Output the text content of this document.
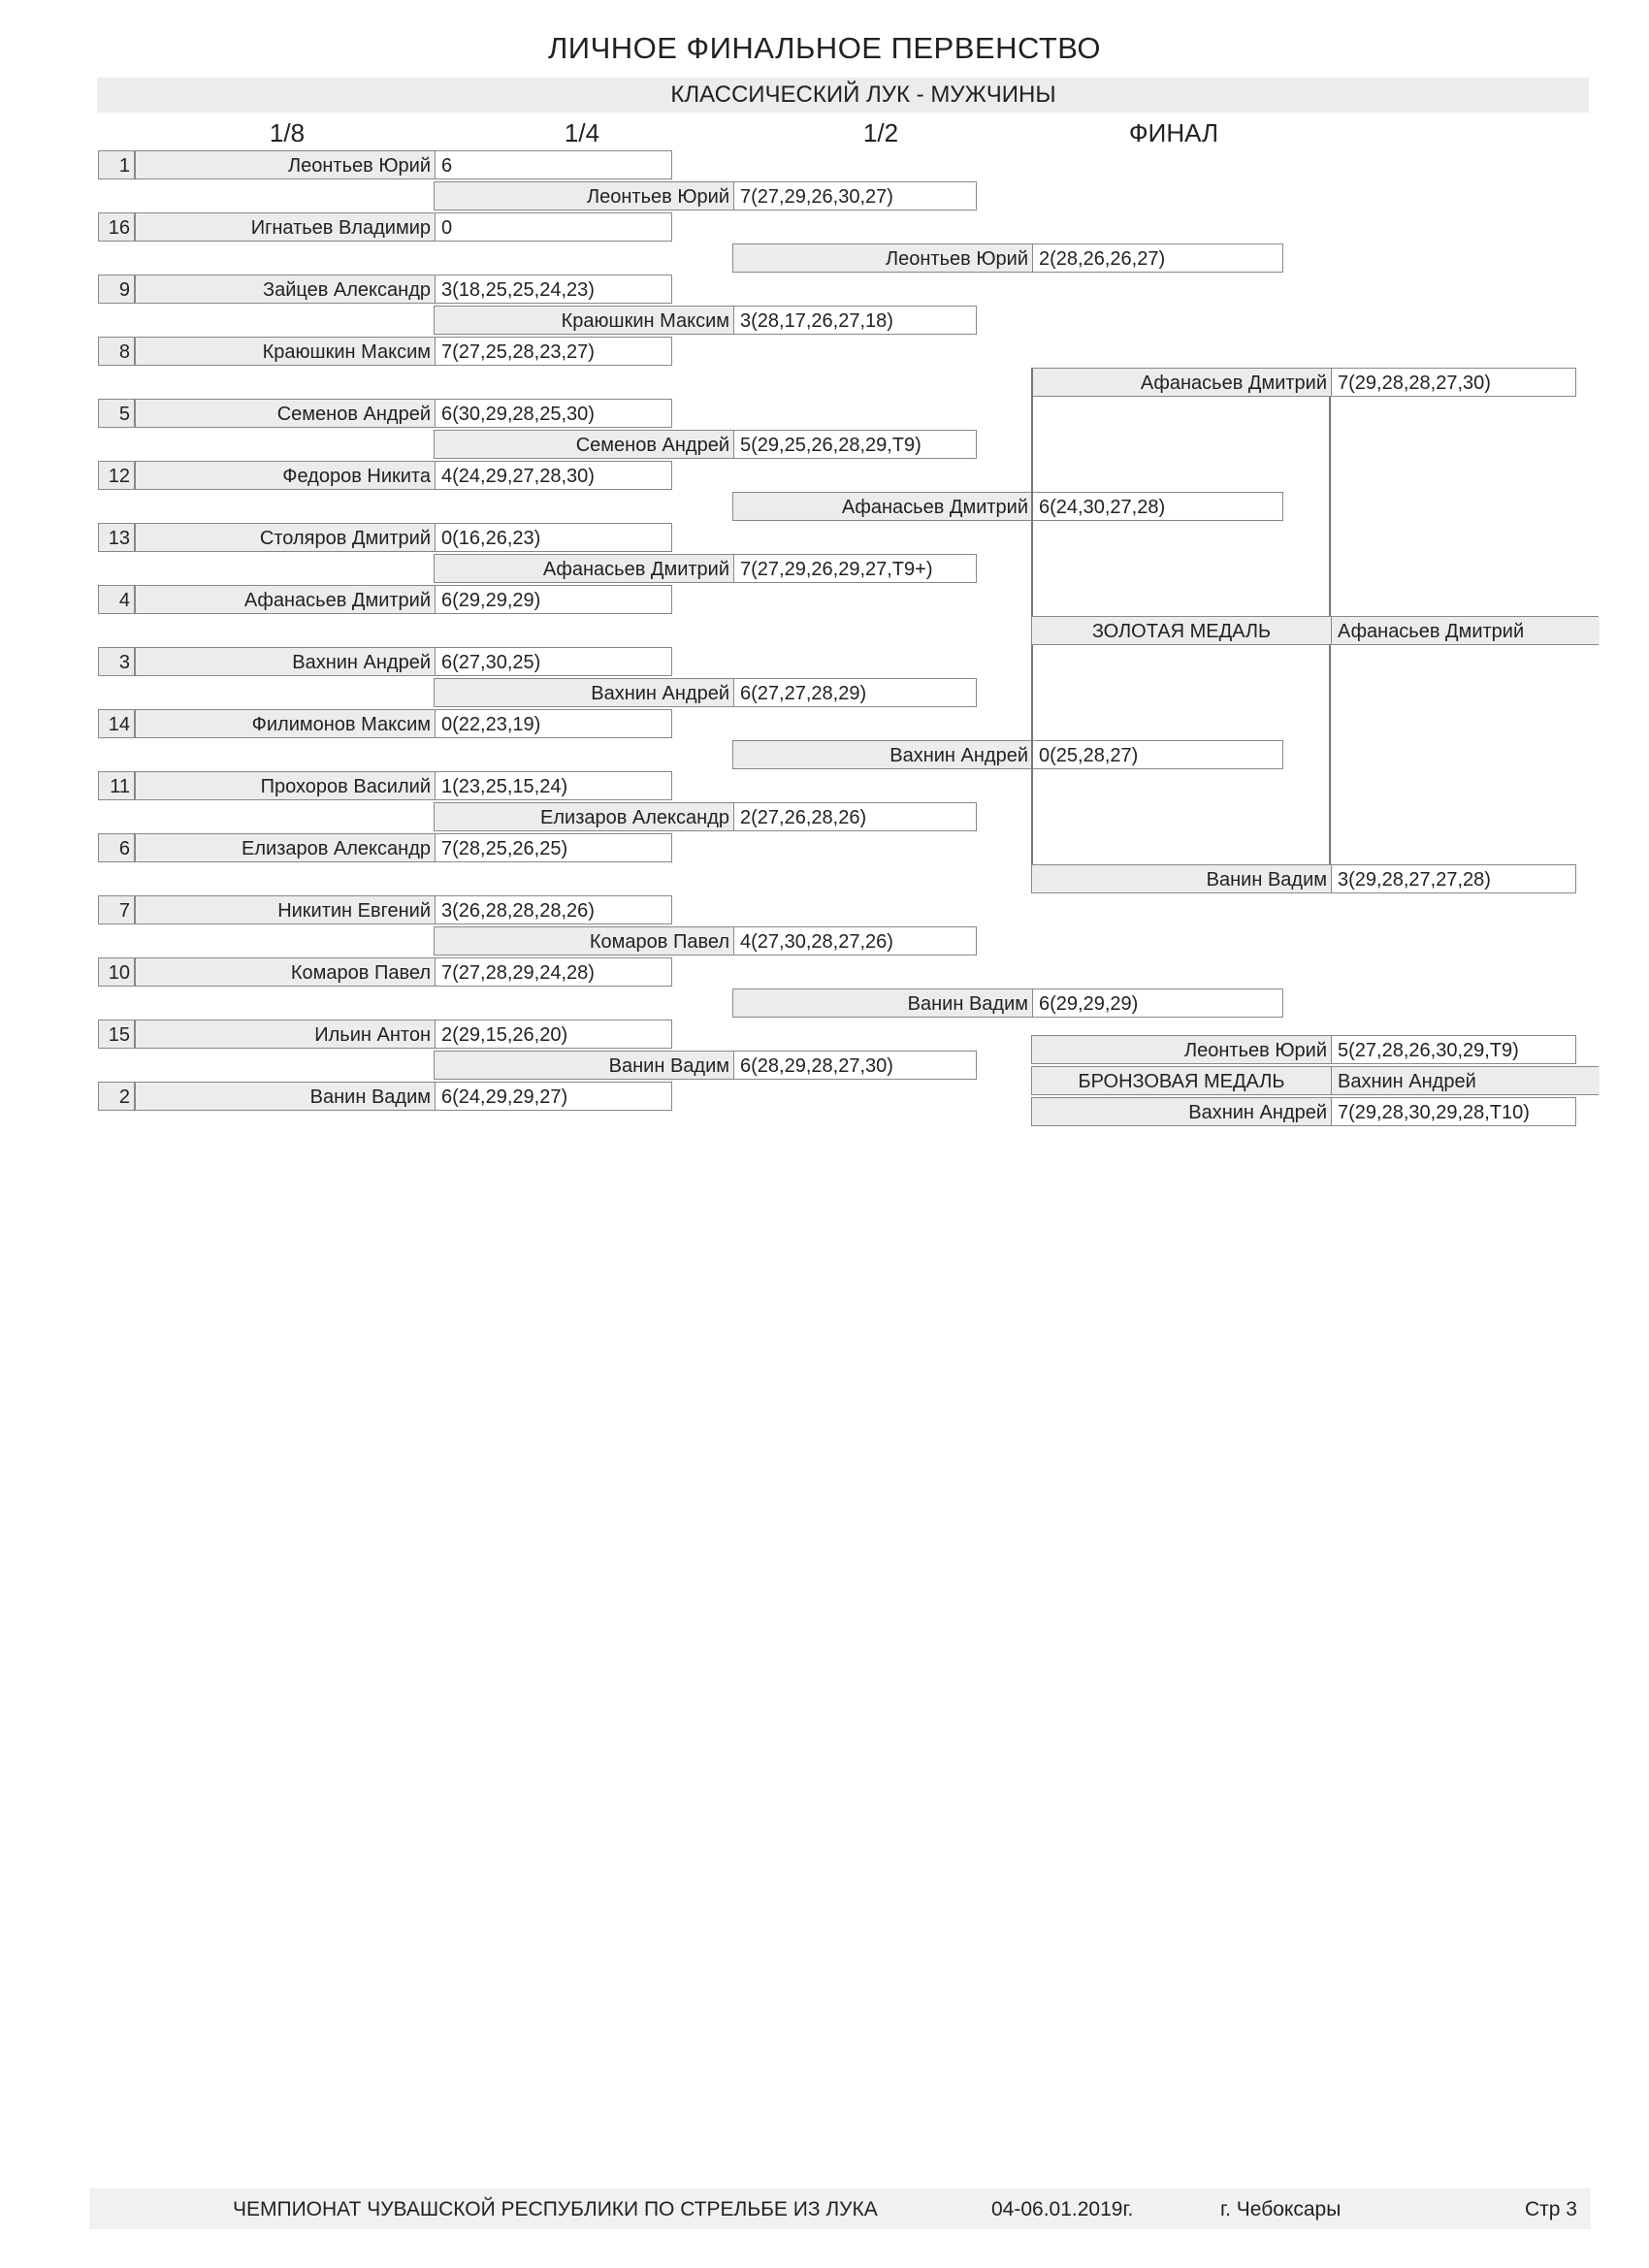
ЛИЧНОЕ ФИНАЛЬНОЕ ПЕРВЕНСТВО
КЛАССИЧЕСКИЙ ЛУК - МУЖЧИНЫ
1/8	1/4	1/2	ФИНАЛ
1	Леонтьев Юрий 6
16	Игнатьев Владимир 0
9	Зайцев Александр 3(18,25,25,24,23)
8	Краюшкин Максим 7(27,25,28,23,27)
5	Семенов Андрей 6(30,29,28,25,30)
12	Федоров Никита 4(24,29,27,28,30)
13	Столяров Дмитрий 0(16,26,23)
4	Афанасьев Дмитрий 6(29,29,29)
3	Вахнин Андрей 6(27,30,25)
14	Филимонов Максим 0(22,23,19)
11	Прохоров Василий 1(23,25,15,24)
6	Елизаров Александр 7(28,25,26,25)
7	Никитин Евгений 3(26,28,28,28,26)
10	Комаров Павел 7(27,28,29,24,28)
15	Ильин Антон 2(29,15,26,20)
2	Ванин Вадим 6(24,29,29,27)
Леонтьев Юрий 7(27,29,26,30,27)
Краюшкин Максим 3(28,17,26,27,18)
Семенов Андрей 5(29,25,26,28,29,T9)
Афанасьев Дмитрий 7(27,29,26,29,27,T9+)
Вахнин Андрей 6(27,27,28,29)
Елизаров Александр 2(27,26,28,26)
Комаров Павел 4(27,30,28,27,26)
Ванин Вадим 6(28,29,28,27,30)
Леонтьев Юрий 2(28,26,26,27)
Афанасьев Дмитрий 6(24,30,27,28)
Вахнин Андрей 0(25,28,27)
Ванин Вадим 6(29,29,29)
Афанасьев Дмитрий 7(29,28,28,27,30)
Ванин Вадим 3(29,28,27,27,28)
ЗОЛОТАЯ МЕДАЛЬ	Афанасьев Дмитрий
Леонтьев Юрий 5(27,28,26,30,29,T9)
БРОНЗОВАЯ МЕДАЛЬ	Вахнин Андрей
Вахнин Андрей 7(29,28,30,29,28,T10)
ЧЕМПИОНАТ ЧУВАШСКОЙ РЕСПУБЛИКИ ПО СТРЕЛЬБЕ ИЗ ЛУКА	04-06.01.2019г.	г. Чебоксары	Стр 3
